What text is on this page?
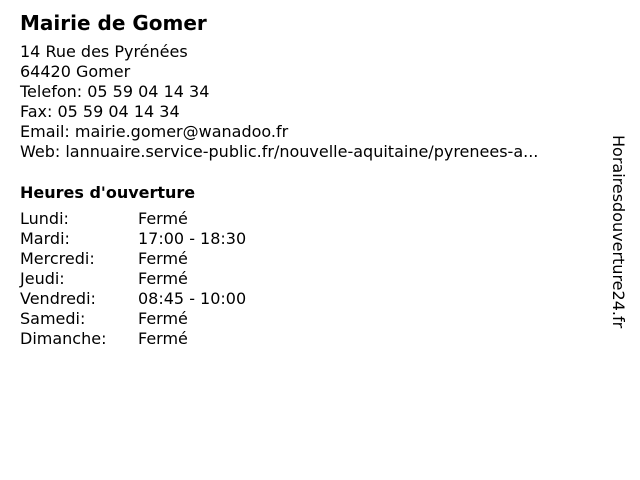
Mairie de Gomer
14 Rue des Pyrénées
64420 Gomer
Telefon: 05 59 04 14 34
Fax: 05 59 04 14 34
Email: mairie.gomer@wanadoo.fr
Web: lannuaire.service-public.fr/nouvelle-aquitaine/pyrenees-a...
Heures d'ouverture
Lundi:	Fermé
Mardi:	17:00 - 18:30
Mercredi:	Fermé
Jeudi:	Fermé
Vendredi:	08:45 - 10:00
Samedi:	Fermé
Dimanche:	Fermé
Horairesdouverture24.fr
